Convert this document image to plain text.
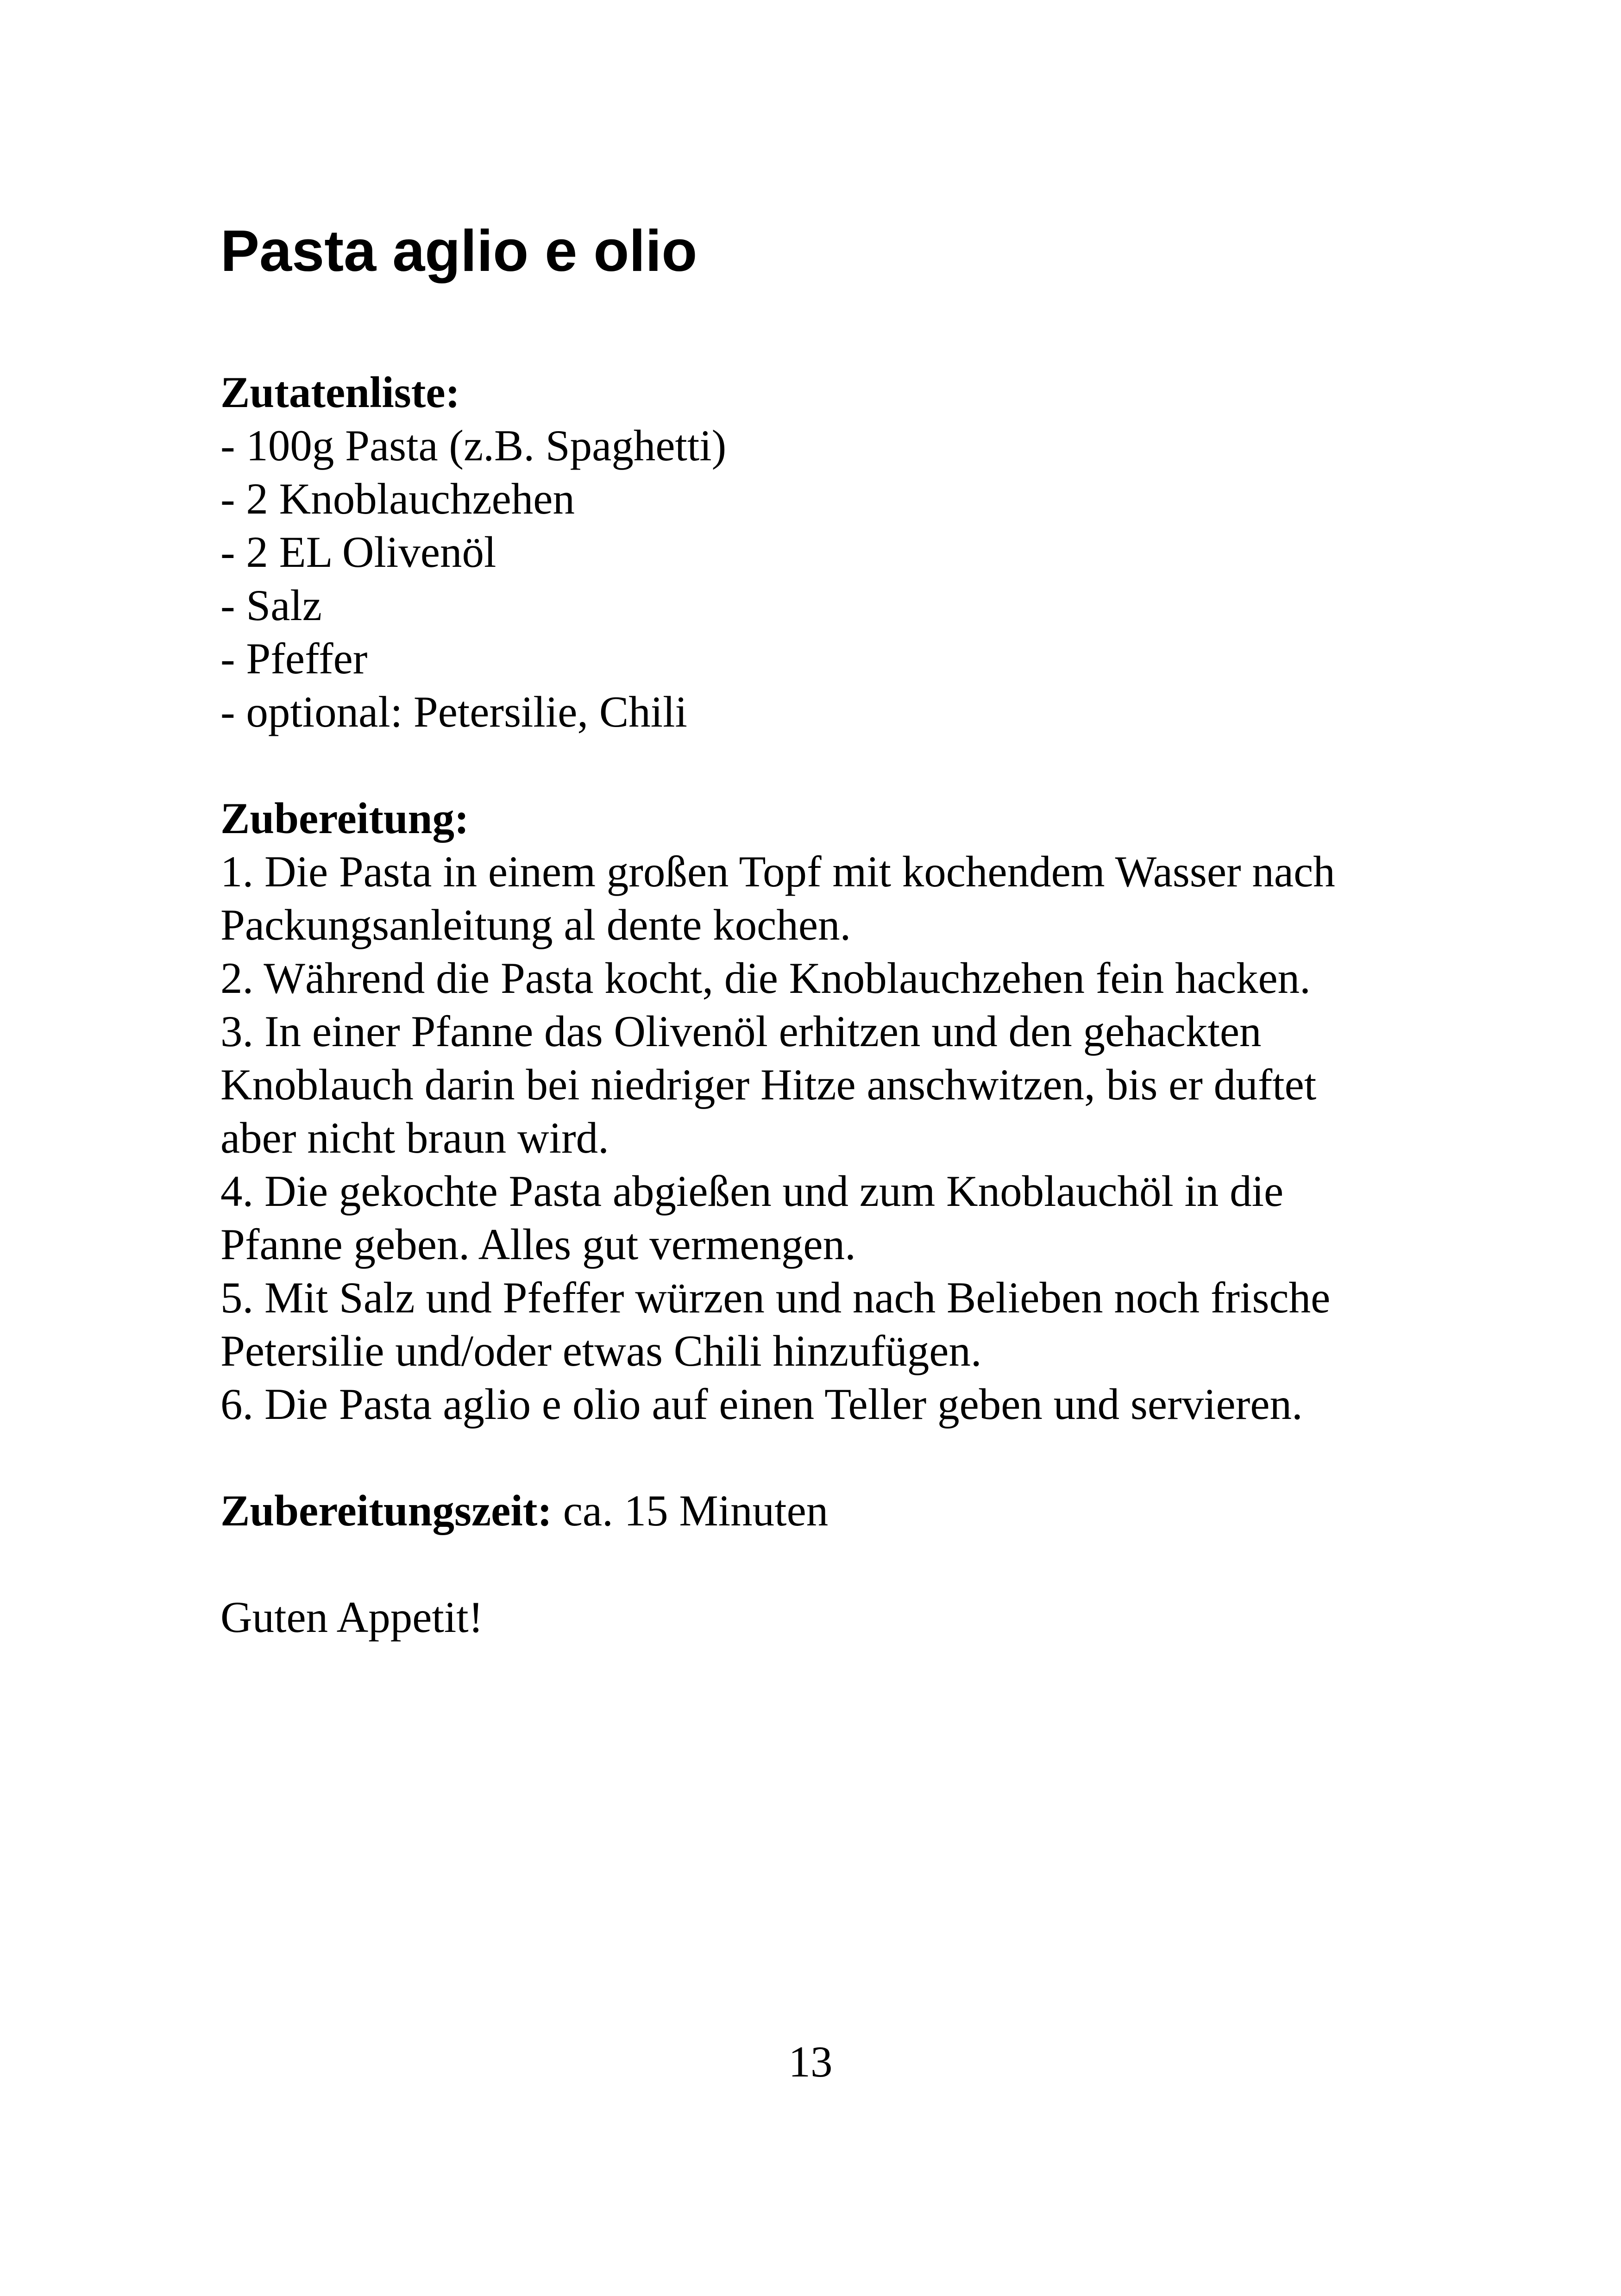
Pasta aglio e olio
Zutatenliste:
- 100g Pasta (z.B. Spaghetti)
- 2 Knoblauchzehen
- 2 EL Olivenöl
- Salz
- Pfeffer
- optional: Petersilie, Chili
Zubereitung:
1. Die Pasta in einem großen Topf mit kochendem Wasser nach
Packungsanleitung al dente kochen.
2. Während die Pasta kocht, die Knoblauchzehen fein hacken.
3. In einer Pfanne das Olivenöl erhitzen und den gehackten
Knoblauch darin bei niedriger Hitze anschwitzen, bis er duftet
aber nicht braun wird.
4. Die gekochte Pasta abgießen und zum Knoblauchöl in die
Pfanne geben. Alles gut vermengen.
5. Mit Salz und Pfeffer würzen und nach Belieben noch frische
Petersilie und/oder etwas Chili hinzufügen.
6. Die Pasta aglio e olio auf einen Teller geben und servieren.
Zubereitungszeit: ca. 15 Minuten
Guten Appetit!
13
